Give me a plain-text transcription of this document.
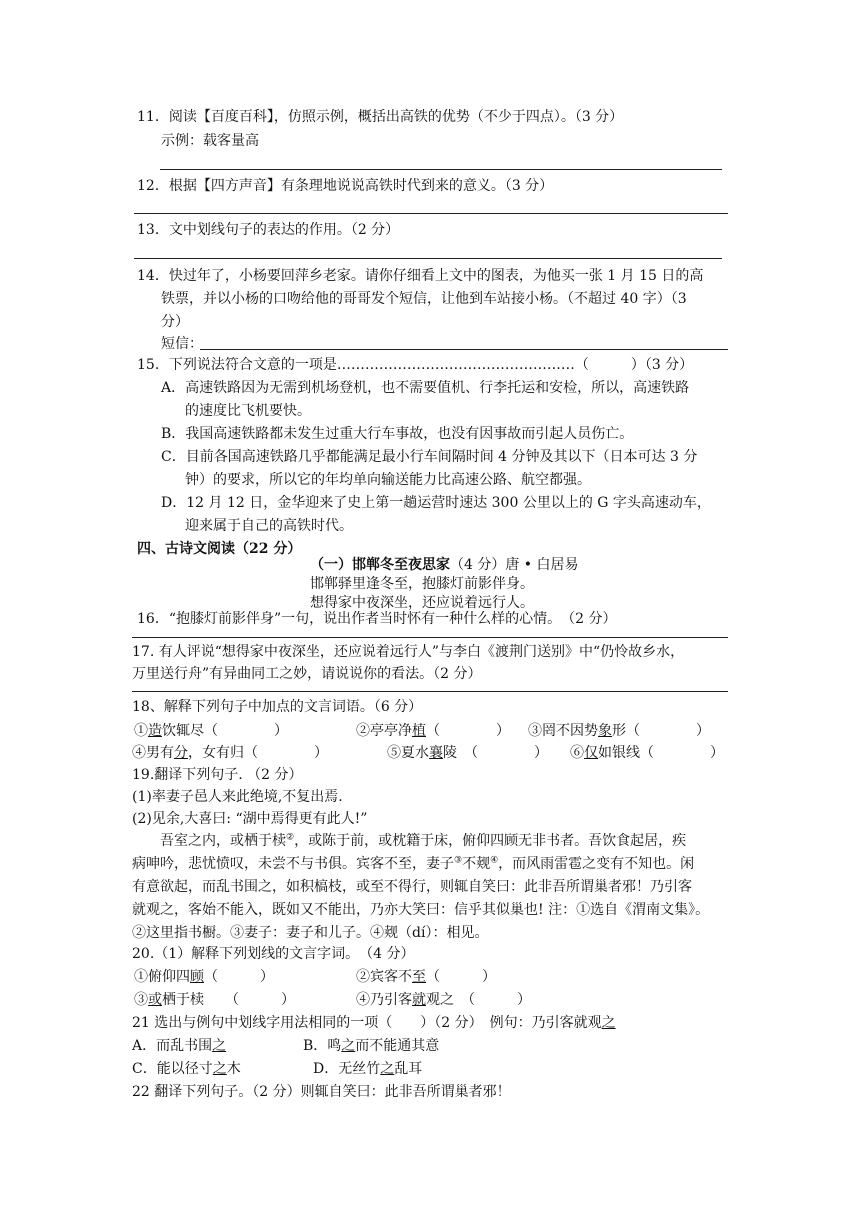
11．阅读【百度百科】，仿照示例，概括出高铁的优势（不少于四点）。（3 分）
示例：载客量高
12．根据【四方声音】有条理地说说高铁时代到来的意义。（3 分）
13．文中划线句子的表达的作用。（2 分）
14．快过年了，小杨要回萍乡老家。请你仔细看上文中的图表，为他买一张 1 月 15 日的高
铁票，并以小杨的口吻给他的哥哥发个短信，让他到车站接小杨。（不超过 40 字）（3
分）
短信：
15．下列说法符合文意的一项是……………………………………………（　　　）（3 分）
A．高速铁路因为无需到机场登机，也不需要值机、行李托运和安检，所以，高速铁路
的速度比飞机要快。
B．我国高速铁路都未发生过重大行车事故，也没有因事故而引起人员伤亡。
C．目前各国高速铁路几乎都能满足最小行车间隔时间 4 分钟及其以下（日本可达 3 分
钟）的要求，所以它的年均单向输送能力比高速公路、航空都强。
D．12 月 12 日，金华迎来了史上第一趟运营时速达 300 公里以上的 G 字头高速动车，
迎来属于自己的高铁时代。
四、古诗文阅读（22 分）
（一）邯郸冬至夜思家（4 分）唐 • 白居易
邯郸驿里逢冬至，抱膝灯前影伴身。
想得家中夜深坐，还应说着远行人。
16．“抱膝灯前影伴身”一句，说出作者当时怀有一种什么样的心情。　（2 分）
17. 有人评说“想得家中夜深坐，还应说着远行人”与李白《渡荆门送别》中“仍怜故乡水，
万里送行舟”有异曲同工之妙，请说说你的看法。（2 分）
18、解释下列句子中加点的文言词语。（6 分）
①造饮辄尽（　　　　）	②亭亭净植（　　　　） ③罔不因势象形（　　　　）
④男有分，女有归（　　　　）	⑤夏水襄陵　（　　　　） ⑥仅如银线（　　　　）
19.翻译下列句子. （2 分）
(1)率妻子邑人来此绝境,不复出焉.
(2)见余,大喜曰: “湖中焉得更有此人!”
吾室之内，或栖于椟②，或陈于前，或枕籍于床，俯仰四顾无非书者。吾饮食起居，疾
病呻吟，悲忧愤叹，未尝不与书俱。宾客不至，妻子③不觌④，而风雨雷雹之变有不知也。闲
有意欲起，而乱书围之，如积槁枝，或至不得行，则辄自笑曰：此非吾所谓巢者邪！乃引客
就观之，客始不能入，既如又不能出，乃亦大笑曰：信乎其似巢也! 注：①选自《渭南文集》。
②这里指书橱。③妻子：妻子和儿子。④觌（dí）：相见。
20.（1）解释下列划线的文言字词。　（4 分）
①俯仰四顾（　　　）	②宾客不至（　　　）
③或栖于椟　　（　　　）	④乃引客就观之　（　　　）
21 选出与例句中划线字用法相同的一项（　　）（2 分）　例句：乃引客就观之
A．而乱书围之	B．鸣之而不能通其意
C．能以径寸之木	D．无丝竹之乱耳
22 翻译下列句子。（2 分）则辄自笑曰：此非吾所谓巢者邪！
